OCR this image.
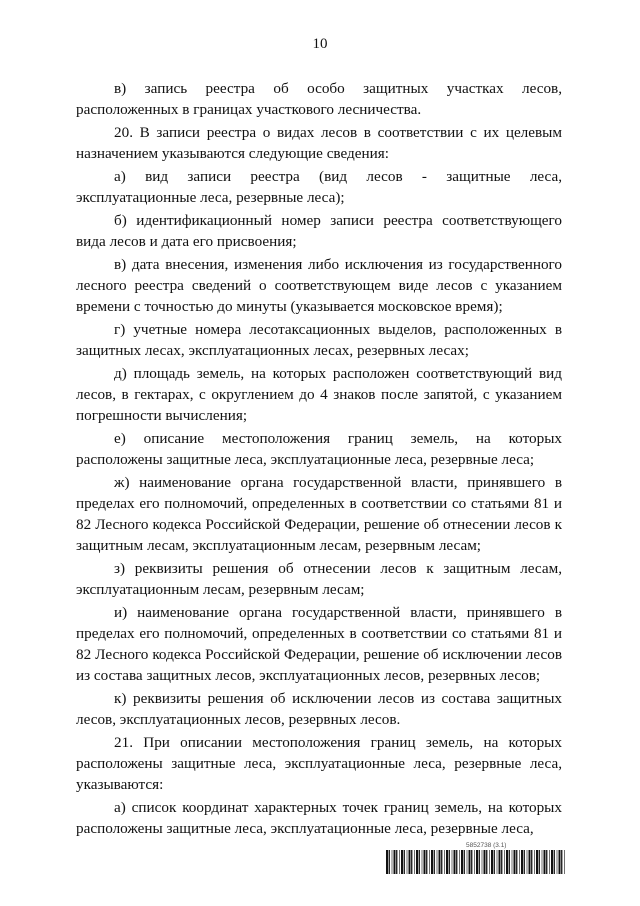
10

в) запись реестра об особо защитных участках лесов, расположенных в границах участкового лесничества.

20. В записи реестра о видах лесов в соответствии с их целевым назначением указываются следующие сведения:

а) вид записи реестра (вид лесов - защитные леса, эксплуатационные леса, резервные леса);

б) идентификационный номер записи реестра соответствующего вида лесов и дата его присвоения;

в) дата внесения, изменения либо исключения из государственного лесного реестра сведений о соответствующем виде лесов с указанием времени с точностью до минуты (указывается московское время);

г) учетные номера лесотаксационных выделов, расположенных в защитных лесах, эксплуатационных лесах, резервных лесах;

д) площадь земель, на которых расположен соответствующий вид лесов, в гектарах, с округлением до 4 знаков после запятой, с указанием погрешности вычисления;

е) описание местоположения границ земель, на которых расположены защитные леса, эксплуатационные леса, резервные леса;

ж) наименование органа государственной власти, принявшего в пределах его полномочий, определенных в соответствии со статьями 81 и 82 Лесного кодекса Российской Федерации, решение об отнесении лесов к защитным лесам, эксплуатационным лесам, резервным лесам;

з) реквизиты решения об отнесении лесов к защитным лесам, эксплуатационным лесам, резервным лесам;

и) наименование органа государственной власти, принявшего в пределах его полномочий, определенных в соответствии со статьями 81 и 82 Лесного кодекса Российской Федерации, решение об исключении лесов из состава защитных лесов, эксплуатационных лесов, резервных лесов;

к) реквизиты решения об исключении лесов из состава защитных лесов, эксплуатационных лесов, резервных лесов.

21. При описании местоположения границ земель, на которых расположены защитные леса, эксплуатационные леса, резервные леса, указываются:

а) список координат характерных точек границ земель, на которых расположены защитные леса, эксплуатационные леса, резервные леса,

5852738 (3.1)
